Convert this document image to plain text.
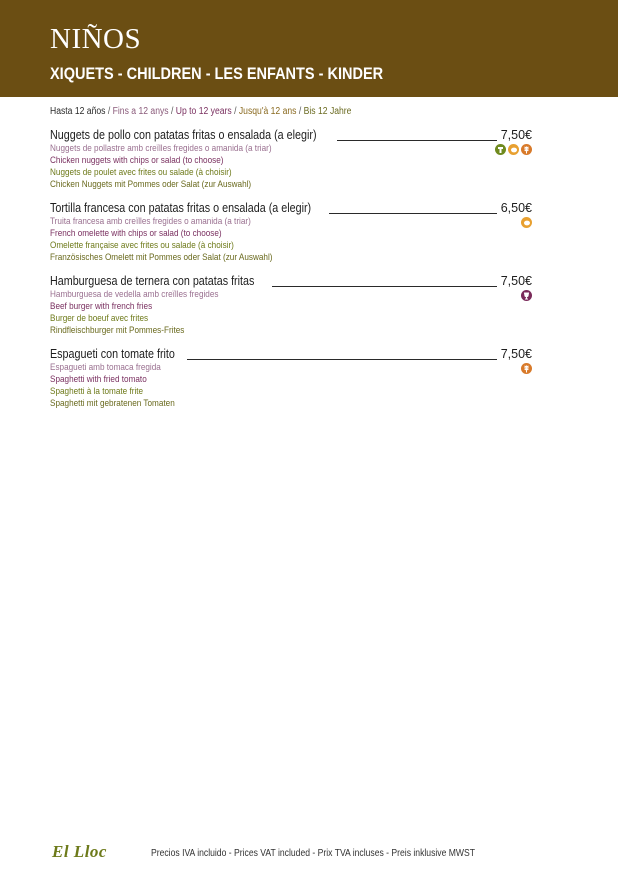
NIÑOS
XIQUETS - CHILDREN - LES ENFANTS - KINDER
Hasta 12 años / Fins a 12 anys / Up to 12 years / Jusqu'à 12 ans / Bis 12 Jahre
Nuggets de pollo con patatas fritas o ensalada (a elegir)	7,50€
Nuggets de pollastre amb creïlles fregides o amanida (a triar)
Chicken nuggets with chips or salad (to choose)
Nuggets de poulet avec frites ou salade (à choisir)
Chicken Nuggets mit Pommes oder Salat (zur Auswahl)
Tortilla francesa con patatas fritas o ensalada (a elegir)	6,50€
Truita francesa amb creïlles fregides o amanida (a triar)
French omelette with chips or salad (to choose)
Omelette française avec frites ou salade (à choisir)
Französisches Omelett mit Pommes oder Salat (zur Auswahl)
Hamburguesa de ternera con patatas fritas	7,50€
Hamburguesa de vedella amb creïlles fregides
Beef burger with french fries
Burger de boeuf avec frites
Rindfleischburger mit Pommes-Frites
Espagueti con tomate frito	7,50€
Espagueti amb tomaca fregida
Spaghetti with fried tomato
Spaghetti à la tomate frite
Spaghetti mit gebratenen Tomaten
El Lloc	Precios IVA incluido - Prices VAT included - Prix TVA incluses - Preis inklusive MWST
